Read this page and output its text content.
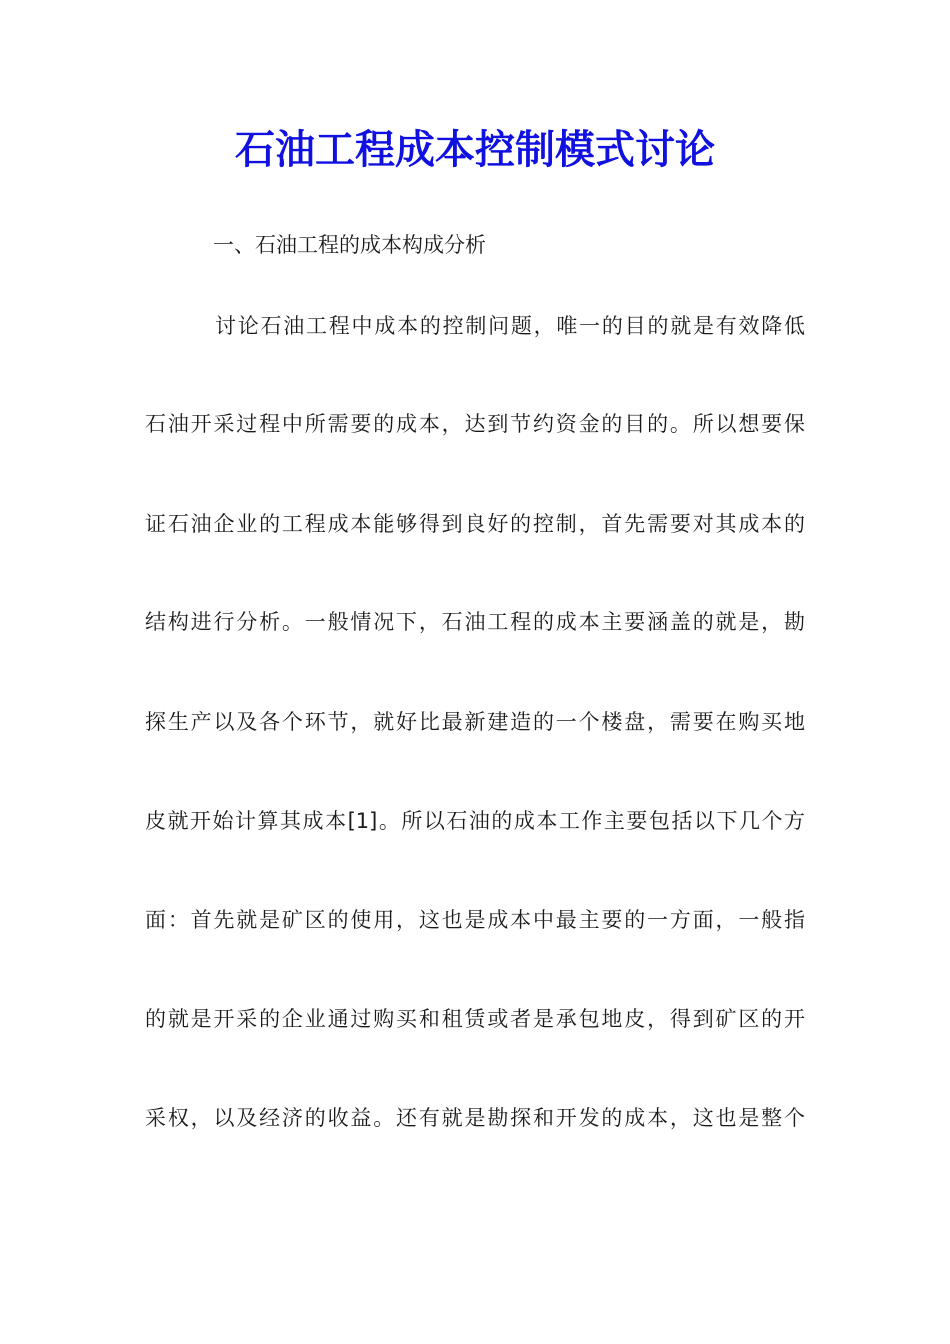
石油工程成本控制模式讨论

一、石油工程的成本构成分析

讨论石油工程中成本的控制问题，唯一的目的就是有效降低

石油开采过程中所需要的成本，达到节约资金的目的。所以想要保

证石油企业的工程成本能够得到良好的控制，首先需要对其成本的

结构进行分析。一般情况下，石油工程的成本主要涵盖的就是，勘

探生产以及各个环节，就好比最新建造的一个楼盘，需要在购买地

皮就开始计算其成本[1]。所以石油的成本工作主要包括以下几个方

面：首先就是矿区的使用，这也是成本中最主要的一方面，一般指

的就是开采的企业通过购买和租赁或者是承包地皮，得到矿区的开

采权，以及经济的收益。还有就是勘探和开发的成本，这也是整个
